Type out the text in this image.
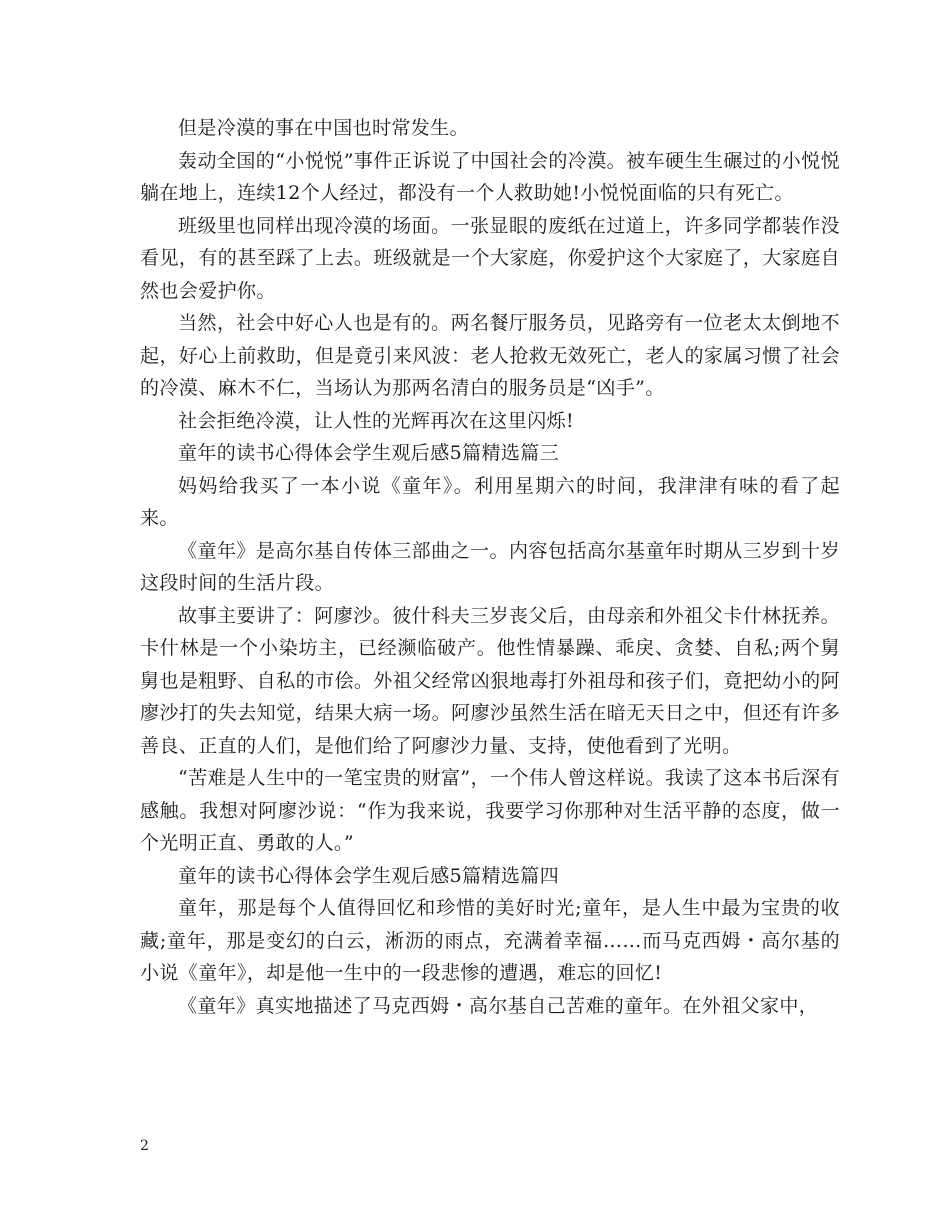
但是冷漠的事在中国也时常发生。

轰动全国的“小悦悦”事件正诉说了中国社会的冷漠。被车硬生生碾过的小悦悦躺在地上，连续12个人经过，都没有一个人救助她!小悦悦面临的只有死亡。

班级里也同样出现冷漠的场面。一张显眼的废纸在过道上，许多同学都装作没看见，有的甚至踩了上去。班级就是一个大家庭，你爱护这个大家庭了，大家庭自然也会爱护你。

当然，社会中好心人也是有的。两名餐厅服务员，见路旁有一位老太太倒地不起，好心上前救助，但是竟引来风波：老人抢救无效死亡，老人的家属习惯了社会的冷漠、麻木不仁，当场认为那两名清白的服务员是“凶手”。

社会拒绝冷漠，让人性的光辉再次在这里闪烁!

童年的读书心得体会学生观后感5篇精选篇三

妈妈给我买了一本小说《童年》。利用星期六的时间，我津津有味的看了起来。

《童年》是高尔基自传体三部曲之一。内容包括高尔基童年时期从三岁到十岁这段时间的生活片段。

故事主要讲了：阿廖沙。彼什科夫三岁丧父后，由母亲和外祖父卡什林抚养。卡什林是一个小染坊主，已经濒临破产。他性情暴躁、乖戾、贪婪、自私;两个舅舅也是粗野、自私的市侩。外祖父经常凶狠地毒打外祖母和孩子们，竟把幼小的阿廖沙打的失去知觉，结果大病一场。阿廖沙虽然生活在暗无天日之中，但还有许多善良、正直的人们，是他们给了阿廖沙力量、支持，使他看到了光明。

“苦难是人生中的一笔宝贵的财富”，一个伟人曾这样说。我读了这本书后深有感触。我想对阿廖沙说：“作为我来说，我要学习你那种对生活平静的态度，做一个光明正直、勇敢的人。”

童年的读书心得体会学生观后感5篇精选篇四

童年，那是每个人值得回忆和珍惜的美好时光;童年，是人生中最为宝贵的收藏;童年，那是变幻的白云，淅沥的雨点，充满着幸福……而马克西姆・高尔基的小说《童年》，却是他一生中的一段悲惨的遭遇，难忘的回忆!

《童年》真实地描述了马克西姆・高尔基自己苦难的童年。在外祖父家中，

2
